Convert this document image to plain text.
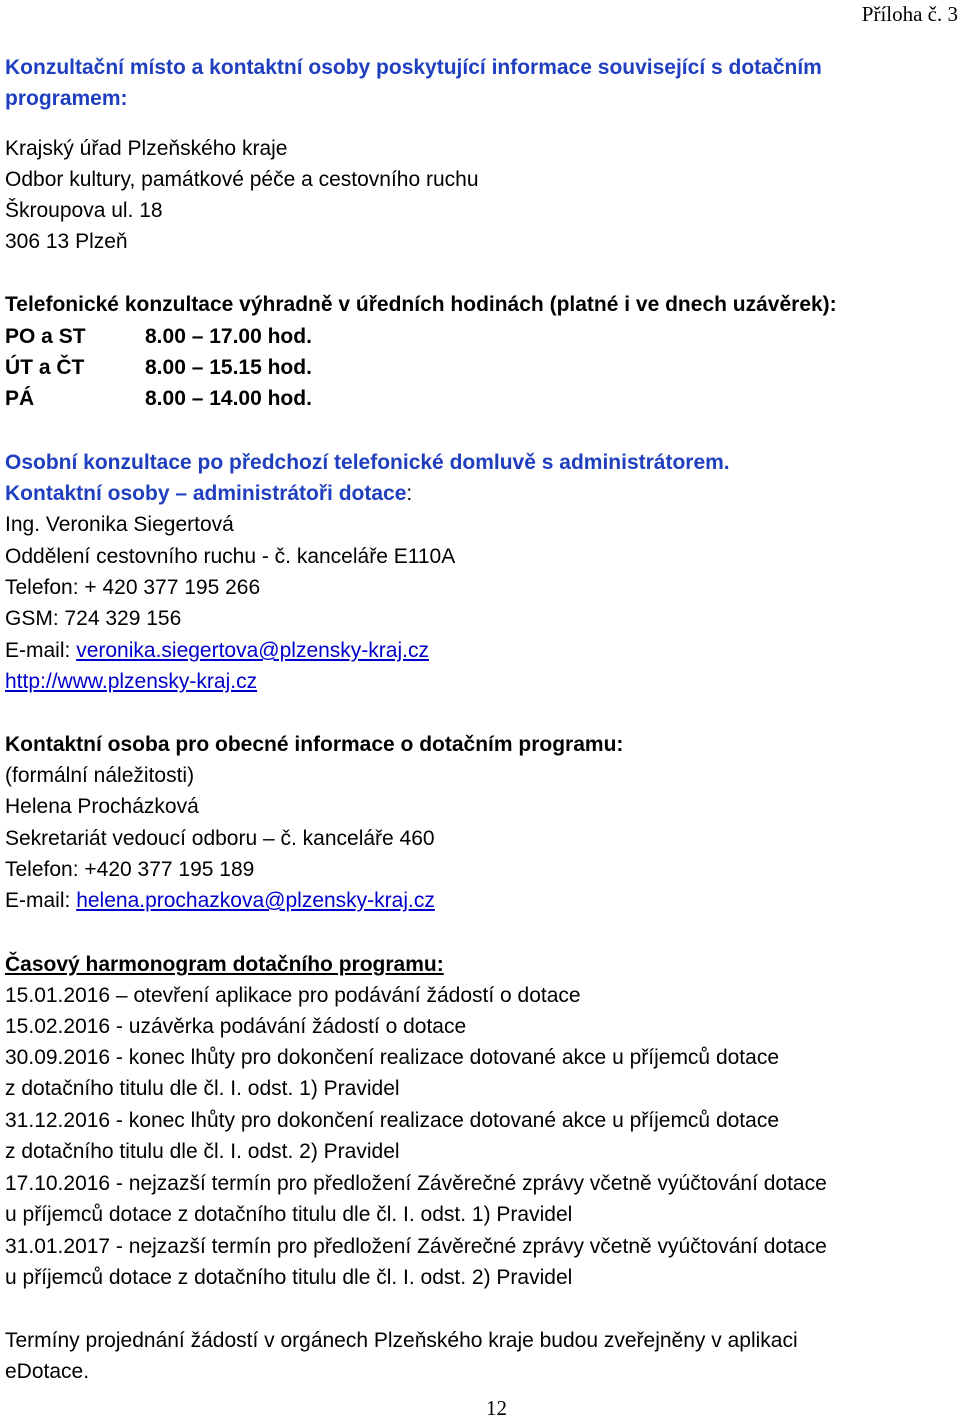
Příloha č. 3
Konzultační místo a kontaktní osoby poskytující informace související s dotačním
programem:
Krajský úřad Plzeňského kraje
Odbor kultury, památkové péče a cestovního ruchu
Škroupova ul. 18
306 13 Plzeň
Telefonické konzultace výhradně v úředních hodinách (platné i ve dnech uzávěrek):
PO a ST	8.00 – 17.00 hod.
ÚT a ČT	8.00 – 15.15 hod.
PÁ	8.00 – 14.00 hod.
Osobní konzultace po předchozí telefonické domluvě s administrátorem.
Kontaktní osoby – administrátoři dotace:
Ing. Veronika Siegertová
Oddělení cestovního ruchu - č. kanceláře E110A
Telefon: + 420 377 195 266
GSM: 724 329 156
E-mail: veronika.siegertova@plzensky-kraj.cz
http://www.plzensky-kraj.cz
Kontaktní osoba pro obecné informace o dotačním programu:
(formální náležitosti)
Helena Procházková
Sekretariát vedoucí odboru – č. kanceláře 460
Telefon: +420 377 195 189
E-mail: helena.prochazkova@plzensky-kraj.cz
Časový harmonogram dotačního programu:
15.01.2016 – otevření aplikace pro podávání žádostí o dotace
15.02.2016 - uzávěrka podávání žádostí o dotace
30.09.2016 - konec lhůty pro dokončení realizace dotované akce u příjemců dotace
z dotačního titulu dle čl. I. odst. 1) Pravidel
31.12.2016 - konec lhůty pro dokončení realizace dotované akce u příjemců dotace
z dotačního titulu dle čl. I. odst. 2) Pravidel
17.10.2016 - nejzazší termín pro předložení Závěrečné zprávy včetně vyúčtování dotace
u příjemců dotace z dotačního titulu dle čl. I. odst. 1) Pravidel
31.01.2017 - nejzazší termín pro předložení Závěrečné zprávy včetně vyúčtování dotace
u příjemců dotace z dotačního titulu dle čl. I. odst. 2) Pravidel
Termíny projednání žádostí v orgánech Plzeňského kraje budou zveřejněny v aplikaci
eDotace.
12
